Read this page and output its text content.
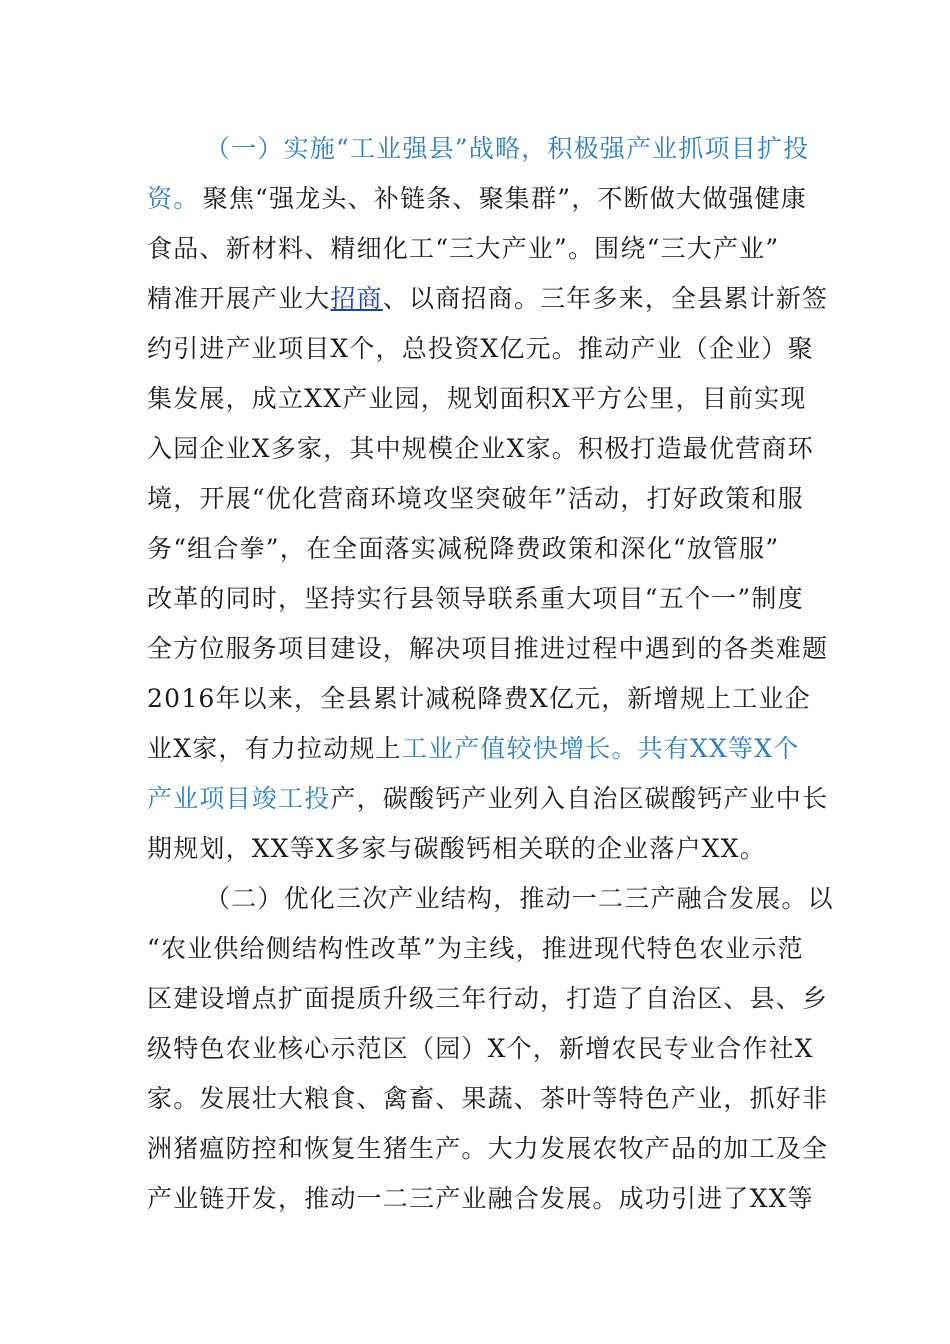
（一）实施“工业强县”战略，积极强产业抓项目扩投
资。 聚焦“强龙头、补链条、聚集群”，不断做大做强健康
食品、新材料、精细化工“三大产业”。围绕“三大产业”
精准开展产业大招商、以商招商。三年多来，全县累计新签
约引进产业项目X个，总投资X亿元。推动产业（企业）聚
集发展，成立XX产业园，规划面积X平方公里，目前实现
入园企业X多家，其中规模企业X家。积极打造最优营商环
境，开展“优化营商环境攻坚突破年”活动，打好政策和服
务“组合拳”，在全面落实减税降费政策和深化“放管服”
改革的同时，坚持实行县领导联系重大项目“五个一”制度
全方位服务项目建设，解决项目推进过程中遇到的各类难题
2016年以来，全县累计减税降费X亿元，新增规上工业企
业X家，有力拉动规上工业产值较快增长。共有XX等X个
产业项目竣工投产，碳酸钙产业列入自治区碳酸钙产业中长
期规划，XX等X多家与碳酸钙相关联的企业落户XX。
（二）优化三次产业结构，推动一二三产融合发展。以
“农业供给侧结构性改革”为主线，推进现代特色农业示范
区建设增点扩面提质升级三年行动，打造了自治区、县、乡
级特色农业核心示范区（园）X个，新增农民专业合作社X
家。发展壮大粮食、禽畜、果蔬、茶叶等特色产业，抓好非
洲猪瘟防控和恢复生猪生产。大力发展农牧产品的加工及全
产业链开发，推动一二三产业融合发展。成功引进了XX等
